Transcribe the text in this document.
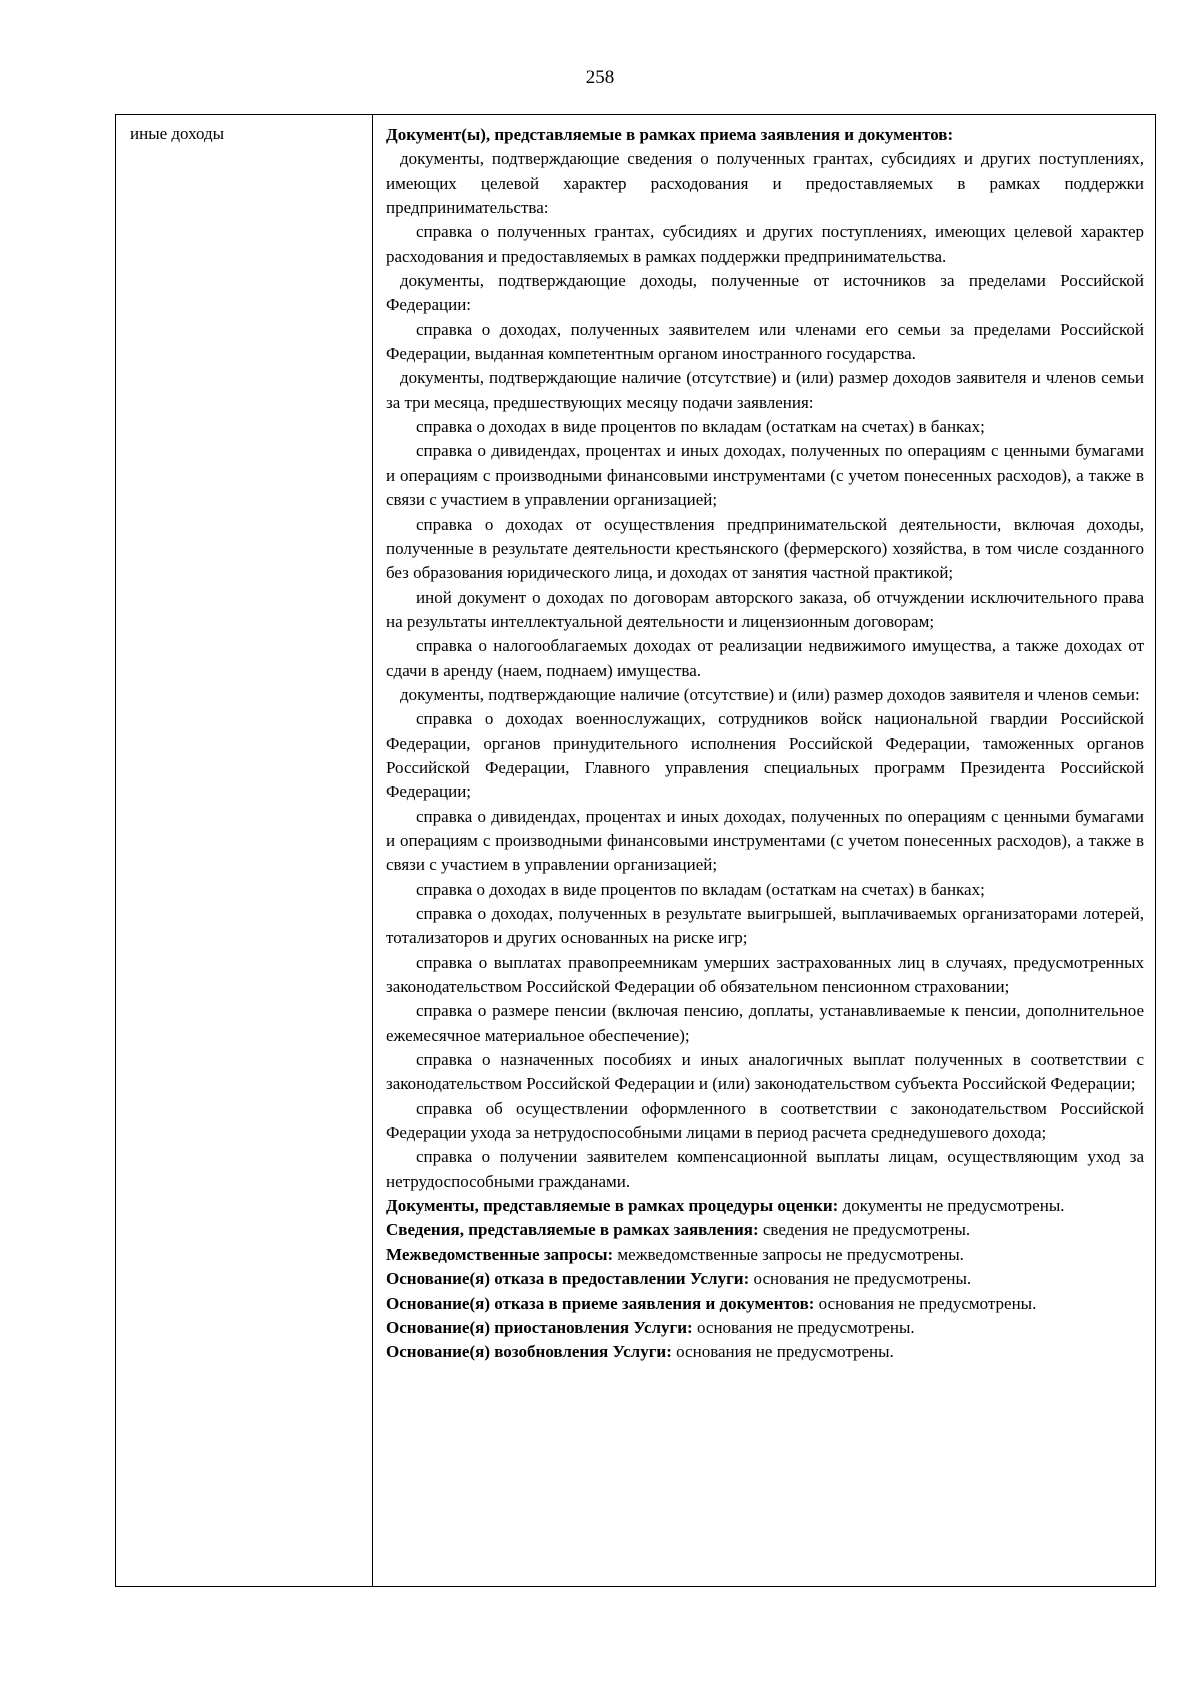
258
иные доходы	Документ(ы), представляемые в рамках приема заявления и документов:

документы, подтверждающие сведения о полученных грантах, субсидиях и других поступлениях, имеющих целевой характер расходования и предоставляемых в рамках поддержки предпринимательства:

справка о полученных грантах, субсидиях и других поступлениях, имеющих целевой характер расходования и предоставляемых в рамках поддержки предпринимательства.

документы, подтверждающие доходы, полученные от источников за пределами Российской Федерации:

справка о доходах, полученных заявителем или членами его семьи за пределами Российской Федерации, выданная компетентным органом иностранного государства.

документы, подтверждающие наличие (отсутствие) и (или) размер доходов заявителя и членов семьи за три месяца, предшествующих месяцу подачи заявления:

справка о доходах в виде процентов по вкладам (остаткам на счетах) в банках;

справка о дивидендах, процентах и иных доходах, полученных по операциям с ценными бумагами и операциям с производными финансовыми инструментами (с учетом понесенных расходов), а также в связи с участием в управлении организацией;

справка о доходах от осуществления предпринимательской деятельности, включая доходы, полученные в результате деятельности крестьянского (фермерского) хозяйства, в том числе созданного без образования юридического лица, и доходах от занятия частной практикой;

иной документ о доходах по договорам авторского заказа, об отчуждении исключительного права на результаты интеллектуальной деятельности и лицензионным договорам;

справка о налогооблагаемых доходах от реализации недвижимого имущества, а также доходах от сдачи в аренду (наем, поднаем) имущества.

документы, подтверждающие наличие (отсутствие) и (или) размер доходов заявителя и членов семьи:

справка о доходах военнослужащих, сотрудников войск национальной гвардии Российской Федерации, органов принудительного исполнения Российской Федерации, таможенных органов Российской Федерации, Главного управления специальных программ Президента Российской Федерации;

справка о дивидендах, процентах и иных доходах, полученных по операциям с ценными бумагами и операциям с производными финансовыми инструментами (с учетом понесенных расходов), а также в связи с участием в управлении организацией;

справка о доходах в виде процентов по вкладам (остаткам на счетах) в банках;

справка о доходах, полученных в результате выигрышей, выплачиваемых организаторами лотерей, тотализаторов и других основанных на риске игр;

справка о выплатах правопреемникам умерших застрахованных лиц в случаях, предусмотренных законодательством Российской Федерации об обязательном пенсионном страховании;

справка о размере пенсии (включая пенсию, доплаты, устанавливаемые к пенсии, дополнительное ежемесячное материальное обеспечение);

справка о назначенных пособиях и иных аналогичных выплат полученных в соответствии с законодательством Российской Федерации и (или) законодательством субъекта Российской Федерации;

справка об осуществлении оформленного в соответствии с законодательством Российской Федерации ухода за нетрудоспособными лицами в период расчета среднедушевого дохода;

справка о получении заявителем компенсационной выплаты лицам, осуществляющим уход за нетрудоспособными гражданами.

Документы, представляемые в рамках процедуры оценки: документы не предусмотрены.

Сведения, представляемые в рамках заявления: сведения не предусмотрены.

Межведомственные запросы: межведомственные запросы не предусмотрены.

Основание(я) отказа в предоставлении Услуги: основания не предусмотрены.

Основание(я) отказа в приеме заявления и документов: основания не предусмотрены.

Основание(я) приостановления Услуги: основания не предусмотрены.

Основание(я) возобновления Услуги: основания не предусмотрены.
